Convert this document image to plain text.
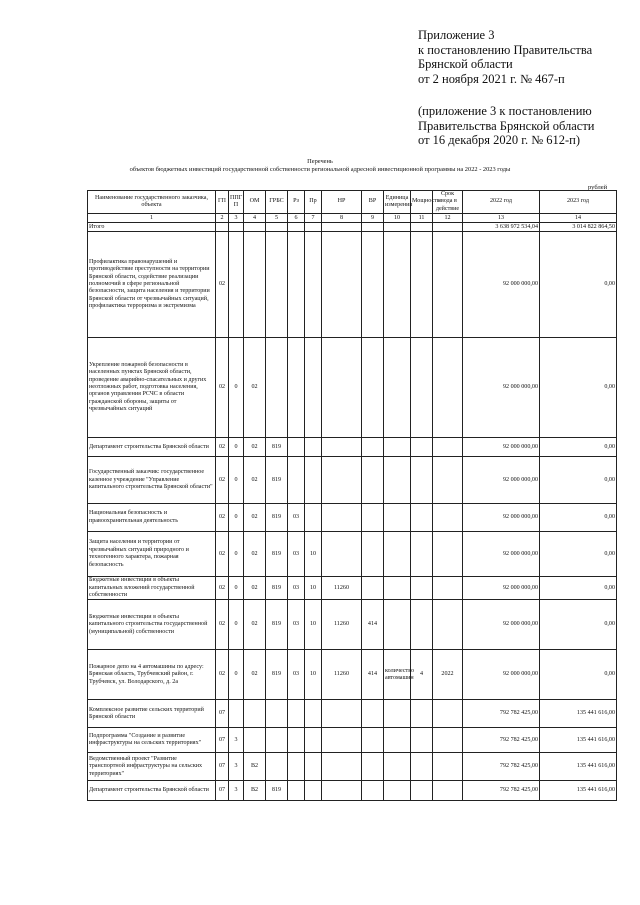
Приложение 3
к постановлению Правительства
Брянской области
от 2 ноября 2021 г. № 467-п
(приложение 3 к постановлению
Правительства Брянской области
от 16 декабря 2020 г. № 612-п)
Перечень
объектов бюджетных инвестиций государственной собственности региональной адресной инвестиционной программы на 2022 - 2023 годы
рублей
Наименование государственного заказчика, объекта	ГП	ППГ П	ОМ	ГРБС	Рз	Пр	НР	ВР	Единица измерения	Мощность	Срок ввода в действие	2022 год	2023 год
1	2	3	4	5	6	7	8	9	10	11	12	13	14
Итого												3 638 972 534,04	3 014 822 864,50
Профилактика правонарушений и противодействие преступности на территории Брянской области, содействие реализации полномочий в сфере региональной безопасности, защита населения и территории Брянской области от чрезвычайных ситуаций, профилактика терроризма и экстремизма	02											92 000 000,00	0,00
Укрепление пожарной безопасности в населенных пунктах Брянской области, проведение аварийно-спасательных и других неотложных работ, подготовка населения, органов управления РСЧС в области гражданской обороны, защиты от чрезвычайных ситуаций	02	0	02									92 000 000,00	0,00
Департамент строительства Брянской области	02	0	02	819								92 000 000,00	0,00
Государственный заказчик: государственное казенное учреждение "Управление капитального строительства Брянской области"	02	0	02	819								92 000 000,00	0,00
Национальная безопасность и правоохранительная деятельность	02	0	02	819	03							92 000 000,00	0,00
Защита населения и территории от чрезвычайных ситуаций природного и техногенного характера, пожарная безопасность	02	0	02	819	03	10						92 000 000,00	0,00
Бюджетные инвестиции в объекты капитальных вложений государственной собственности	02	0	02	819	03	10	11260					92 000 000,00	0,00
Бюджетные инвестиции в объекты капитального строительства государственной (муниципальной) собственности	02	0	02	819	03	10	11260	414				92 000 000,00	0,00
Пожарное депо на 4 автомашины по адресу: Брянская область, Трубчевский район, г. Трубчевск, ул. Володарского, д. 2а	02	0	02	819	03	10	11260	414	количество автомашин	4	2022	92 000 000,00	0,00
Комплексное развитие сельских территорий Брянской области	07											792 782 425,00	135 441 616,00
Подпрограмма "Создание и развитие инфраструктуры на сельских территориях"	07	3										792 782 425,00	135 441 616,00
Ведомственный проект "Развитие транспортной инфраструктуры на сельских территориях"	07	3	В2									792 782 425,00	135 441 616,00
Департамент строительства Брянской области	07	3	В2	819								792 782 425,00	135 441 616,00
